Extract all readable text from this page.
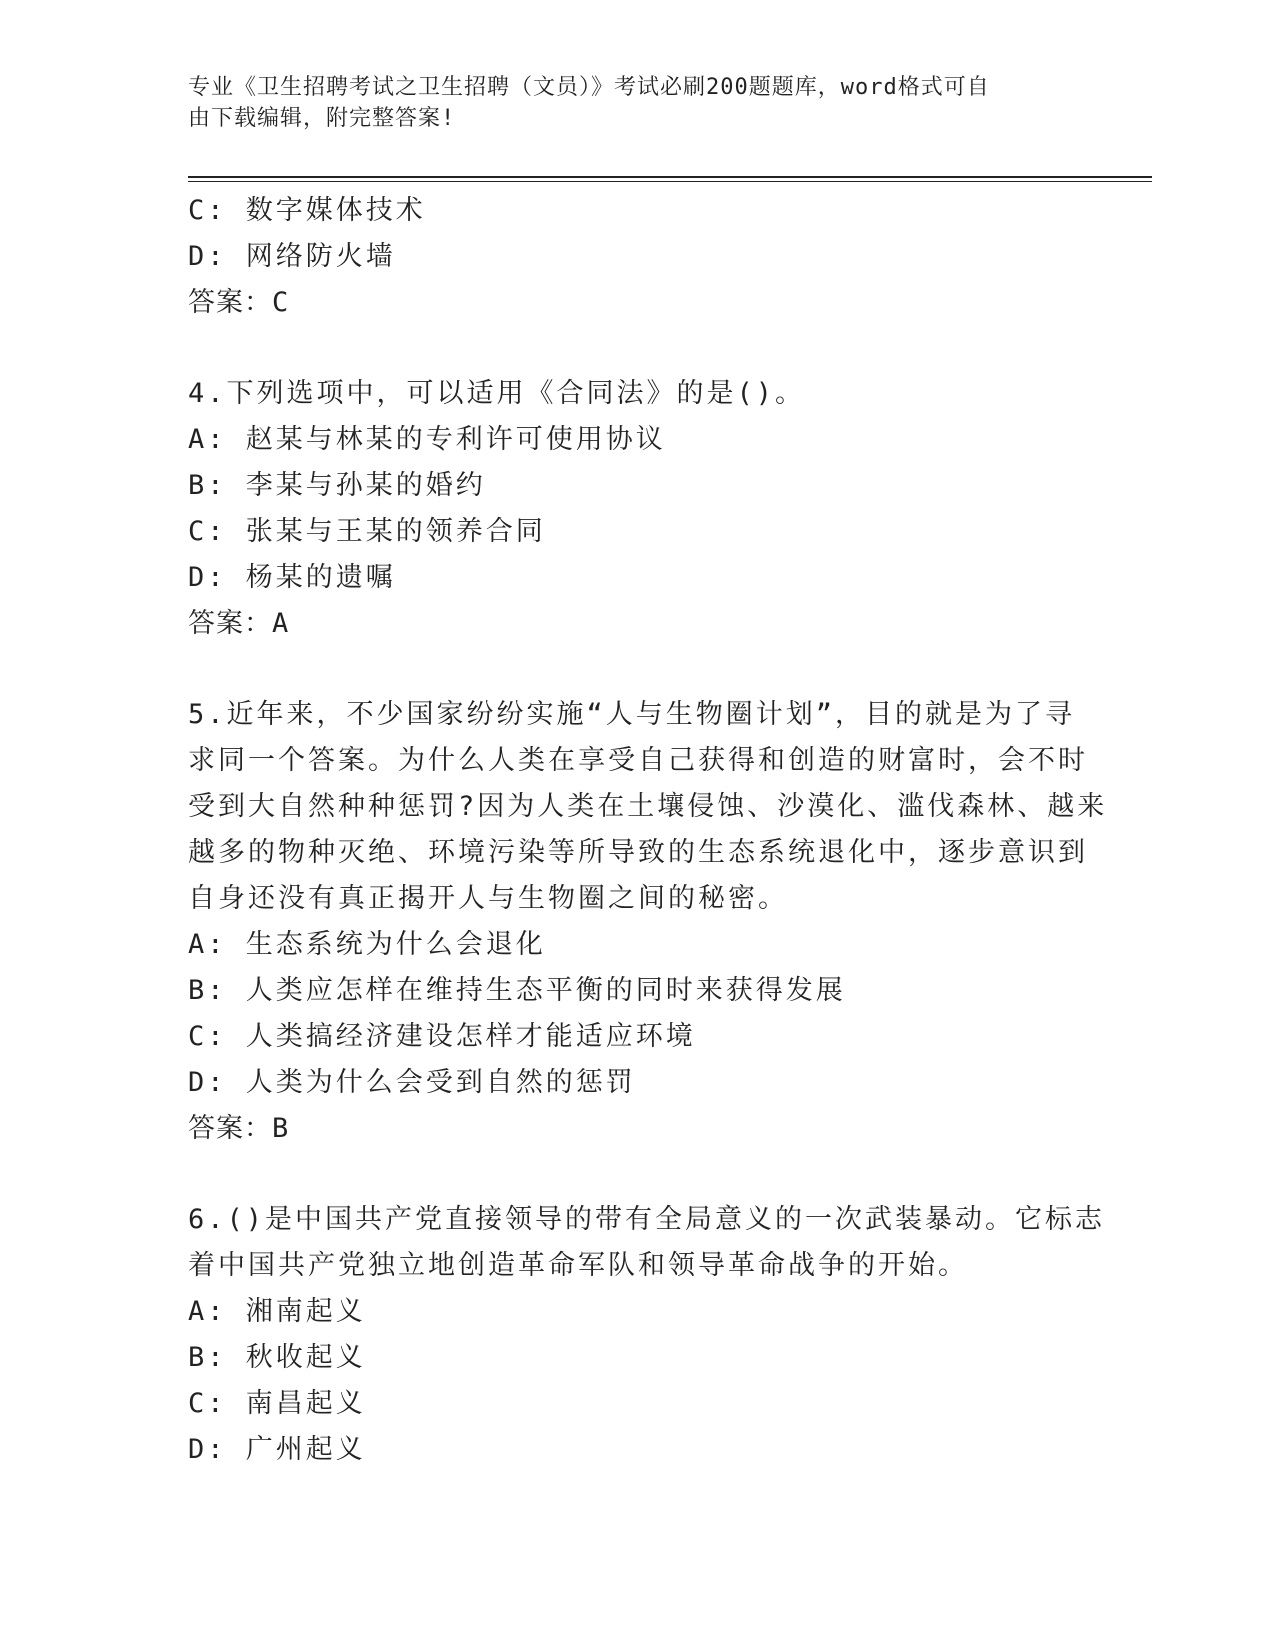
专业《卫生招聘考试之卫生招聘（文员）》考试必刷200题题库，word格式可自
由下载编辑，附完整答案!
C: 数字媒体技术
D: 网络防火墙
答案：C
4.下列选项中，可以适用《合同法》的是()。
A: 赵某与林某的专利许可使用协议
B: 李某与孙某的婚约
C: 张某与王某的领养合同
D: 杨某的遗嘱
答案：A
5.近年来，不少国家纷纷实施“人与生物圈计划”，目的就是为了寻
求同一个答案。为什么人类在享受自己获得和创造的财富时，会不时
受到大自然种种惩罚?因为人类在土壤侵蚀、沙漠化、滥伐森林、越来
越多的物种灭绝、环境污染等所导致的生态系统退化中，逐步意识到
自身还没有真正揭开人与生物圈之间的秘密。
A: 生态系统为什么会退化
B: 人类应怎样在维持生态平衡的同时来获得发展
C: 人类搞经济建设怎样才能适应环境
D: 人类为什么会受到自然的惩罚
答案：B
6.()是中国共产党直接领导的带有全局意义的一次武装暴动。它标志
着中国共产党独立地创造革命军队和领导革命战争的开始。
A: 湘南起义
B: 秋收起义
C: 南昌起义
D: 广州起义
